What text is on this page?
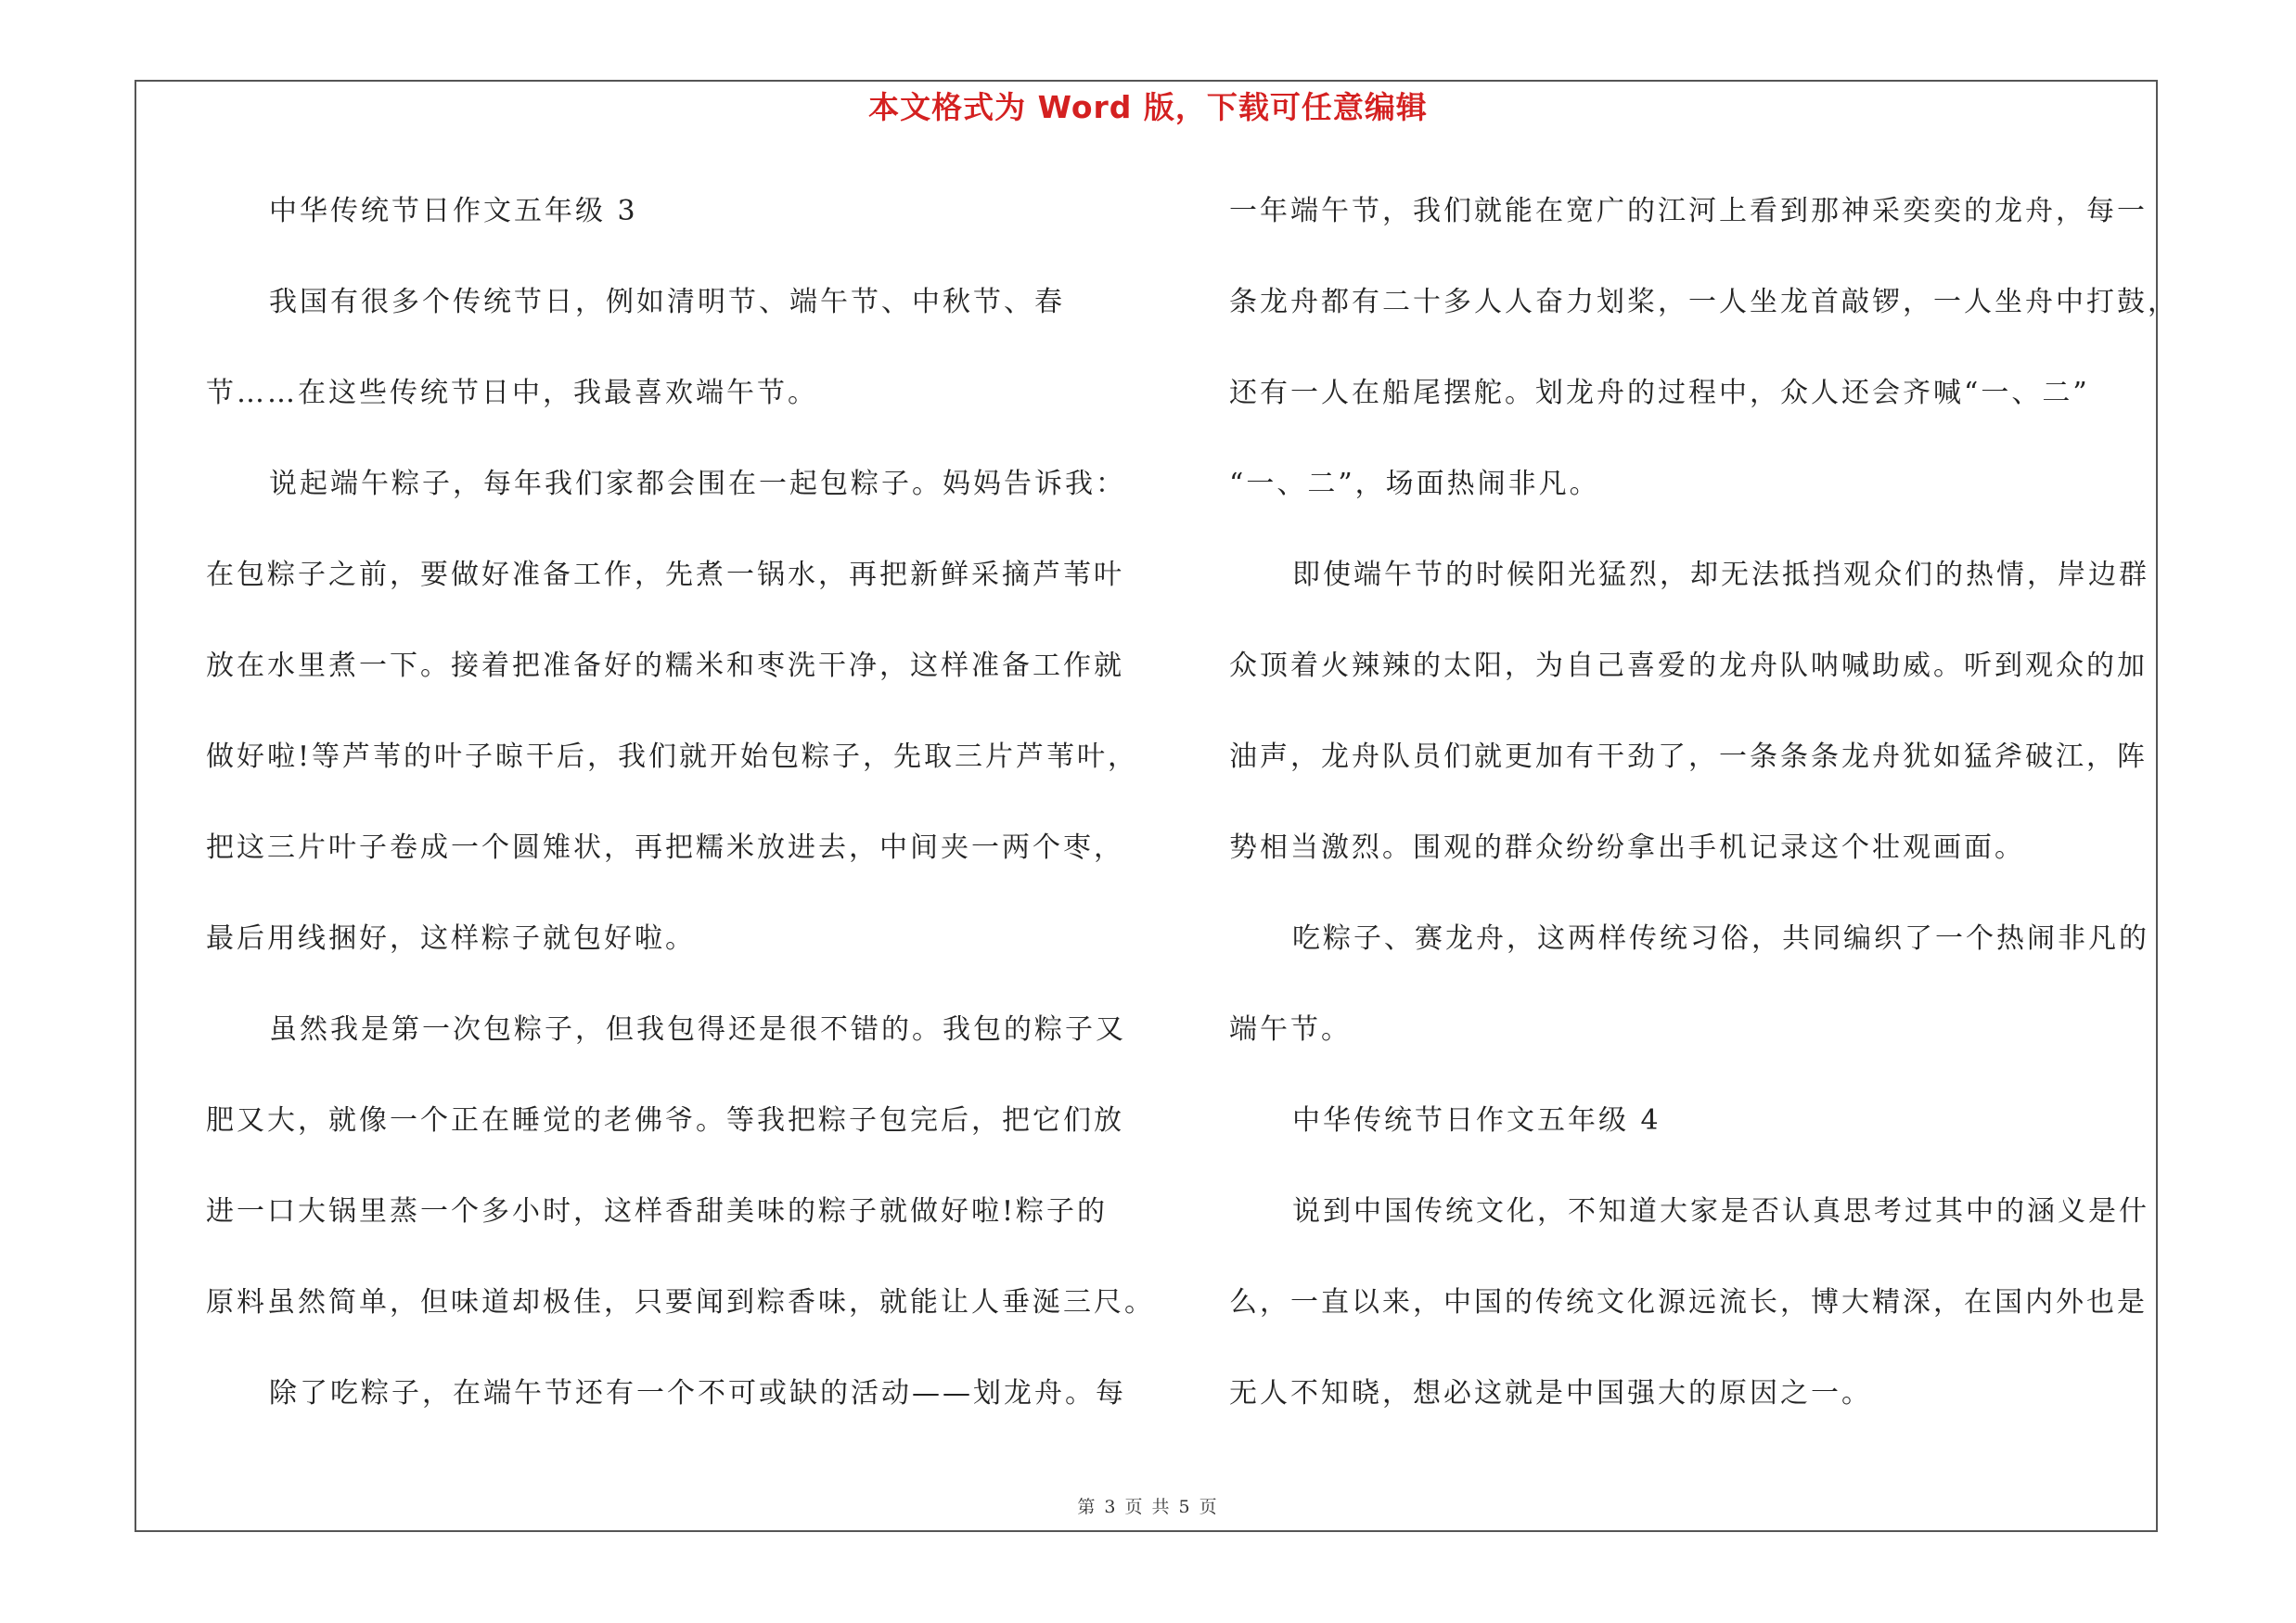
本文格式为 Word 版，下载可任意编辑

中华传统节日作文五年级 3

我国有很多个传统节日，例如清明节、端午节、中秋节、春

节……在这些传统节日中，我最喜欢端午节。

说起端午粽子，每年我们家都会围在一起包粽子。妈妈告诉我：

在包粽子之前，要做好准备工作，先煮一锅水，再把新鲜采摘芦苇叶

放在水里煮一下。接着把准备好的糯米和枣洗干净，这样准备工作就

做好啦!等芦苇的叶子晾干后，我们就开始包粽子，先取三片芦苇叶，

把这三片叶子卷成一个圆雉状，再把糯米放进去，中间夹一两个枣，

最后用线捆好，这样粽子就包好啦。

虽然我是第一次包粽子，但我包得还是很不错的。我包的粽子又

肥又大，就像一个正在睡觉的老佛爷。等我把粽子包完后，把它们放

进一口大锅里蒸一个多小时，这样香甜美味的粽子就做好啦!粽子的

原料虽然简单，但味道却极佳，只要闻到粽香味，就能让人垂涎三尺。

除了吃粽子，在端午节还有一个不可或缺的活动——划龙舟。每

一年端午节，我们就能在宽广的江河上看到那神采奕奕的龙舟，每一

条龙舟都有二十多人人奋力划桨，一人坐龙首敲锣，一人坐舟中打鼓，

还有一人在船尾摆舵。划龙舟的过程中，众人还会齐喊“一、二”

“一、二”，场面热闹非凡。

即使端午节的时候阳光猛烈，却无法抵挡观众们的热情，岸边群

众顶着火辣辣的太阳，为自己喜爱的龙舟队呐喊助威。听到观众的加

油声，龙舟队员们就更加有干劲了，一条条条龙舟犹如猛斧破江，阵

势相当激烈。围观的群众纷纷拿出手机记录这个壮观画面。

吃粽子、赛龙舟，这两样传统习俗，共同编织了一个热闹非凡的

端午节。

中华传统节日作文五年级 4

说到中国传统文化，不知道大家是否认真思考过其中的涵义是什

么，一直以来，中国的传统文化源远流长，博大精深，在国内外也是

无人不知晓，想必这就是中国强大的原因之一。

第 3 页 共 5 页
